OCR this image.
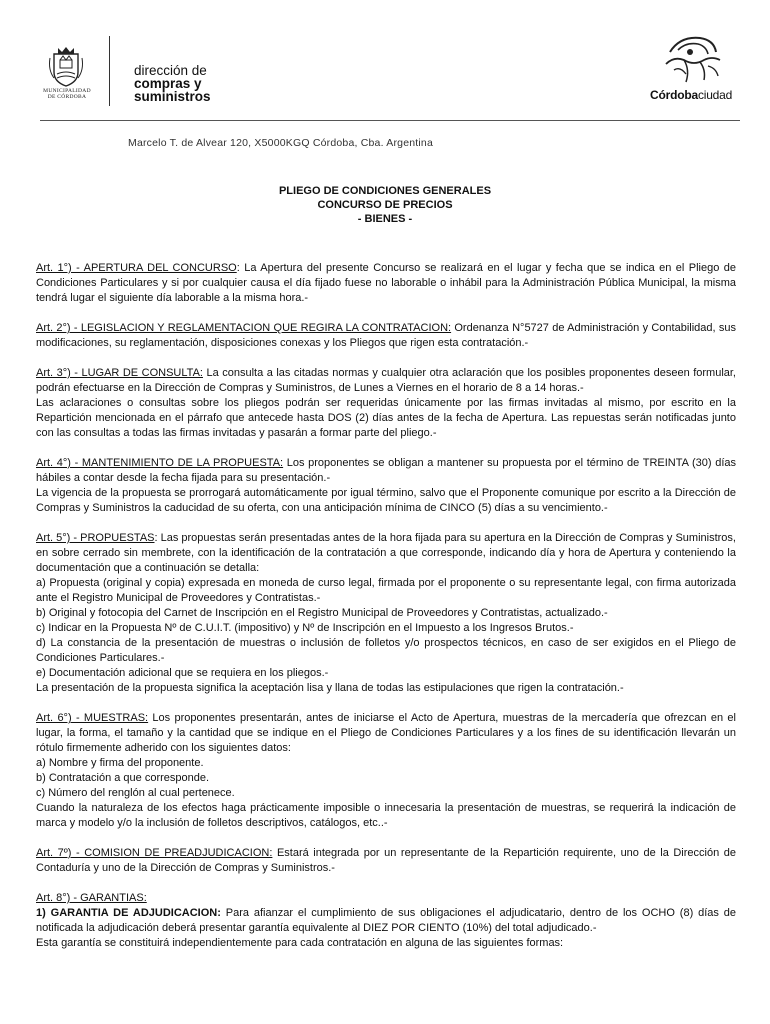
MUNICIPALIDAD
DE CÓRDOBA
dirección de
compras y
suministros	Córdobaciudad
Marcelo T. de Alvear 120, X5000KGQ Córdoba, Cba. Argentina
PLIEGO DE CONDICIONES GENERALES
CONCURSO DE PRECIOS
- BIENES -

Art. 1°) - APERTURA DEL CONCURSO: La Apertura del presente Concurso se realizará en el lugar y fecha que se indica en el Pliego de Condiciones Particulares y si por cualquier causa el día fijado fuese no laborable o inhábil para la Administración Pública Municipal, la misma tendrá lugar el siguiente día laborable a la misma hora.-

Art. 2°) - LEGISLACION Y REGLAMENTACION QUE REGIRA LA CONTRATACION: Ordenanza N°5727 de Administración y Contabilidad, sus modificaciones, su reglamentación, disposiciones conexas y los Pliegos que rigen esta contratación.-

Art. 3°) - LUGAR DE CONSULTA: La consulta a las citadas normas y cualquier otra aclaración que los posibles proponentes deseen formular, podrán efectuarse en la Dirección de Compras y Suministros, de Lunes a Viernes en el horario de 8 a 14 horas.-

Las aclaraciones o consultas sobre los pliegos podrán ser requeridas únicamente por las firmas invitadas al mismo, por escrito en la Repartición mencionada en el párrafo que antecede hasta DOS (2) días antes de la fecha de Apertura. Las repuestas serán notificadas junto con las consultas a todas las firmas invitadas y pasarán a formar parte del pliego.-

Art. 4°) - MANTENIMIENTO DE LA PROPUESTA: Los proponentes se obligan a mantener su propuesta por el término de TREINTA (30) días hábiles a contar desde la fecha fijada para su presentación.-

La vigencia de la propuesta se prorrogará automáticamente por igual término, salvo que el Proponente comunique por escrito a la Dirección de Compras y Suministros la caducidad de su oferta, con una anticipación mínima de CINCO (5) días a su vencimiento.-

Art. 5°) - PROPUESTAS: Las propuestas serán presentadas antes de la hora fijada para su apertura en la Dirección de Compras y Suministros, en sobre cerrado sin membrete, con la identificación de la contratación a que corresponde, indicando día y hora de Apertura y conteniendo la documentación que a continuación se detalla:

a) Propuesta (original y copia) expresada en moneda de curso legal, firmada por el proponente o su representante legal, con firma autorizada ante el Registro Municipal de Proveedores y Contratistas.-

b) Original y fotocopia del Carnet de Inscripción en el Registro Municipal de Proveedores y Contratistas, actualizado.-

c) Indicar en la Propuesta Nº de C.U.I.T. (impositivo) y Nº de Inscripción en el Impuesto a los Ingresos Brutos.-

d) La constancia de la presentación de muestras o inclusión de folletos y/o prospectos técnicos, en caso de ser exigidos en el Pliego de Condiciones Particulares.-

e) Documentación adicional que se requiera en los pliegos.-

La presentación de la propuesta significa la aceptación lisa y llana de todas las estipulaciones que rigen la contratación.-

Art. 6°) - MUESTRAS: Los proponentes presentarán, antes de iniciarse el Acto de Apertura, muestras de la mercadería que ofrezcan en el lugar, la forma, el tamaño y la cantidad que se indique en el Pliego de Condiciones Particulares y a los fines de su identificación llevarán un rótulo firmemente adherido con los siguientes datos:

a) Nombre y firma del proponente.

b) Contratación a que corresponde.

c) Número del renglón al cual pertenece.

Cuando la naturaleza de los efectos haga prácticamente imposible o innecesaria la presentación de muestras, se requerirá la indicación de marca y modelo y/o la inclusión de folletos descriptivos, catálogos, etc..-

Art. 7º) - COMISION DE PREADJUDICACION: Estará integrada por un representante de la Repartición requirente, uno de la Dirección de Contaduría y uno de la Dirección de Compras y Suministros.-

Art. 8°) - GARANTIAS:

1) GARANTIA DE ADJUDICACION: Para afianzar el cumplimiento de sus obligaciones el adjudicatario, dentro de los OCHO (8) días de notificada la adjudicación deberá presentar garantía equivalente al DIEZ POR CIENTO (10%) del total adjudicado.-

Esta garantía se constituirá independientemente para cada contratación en alguna de las siguientes formas:
